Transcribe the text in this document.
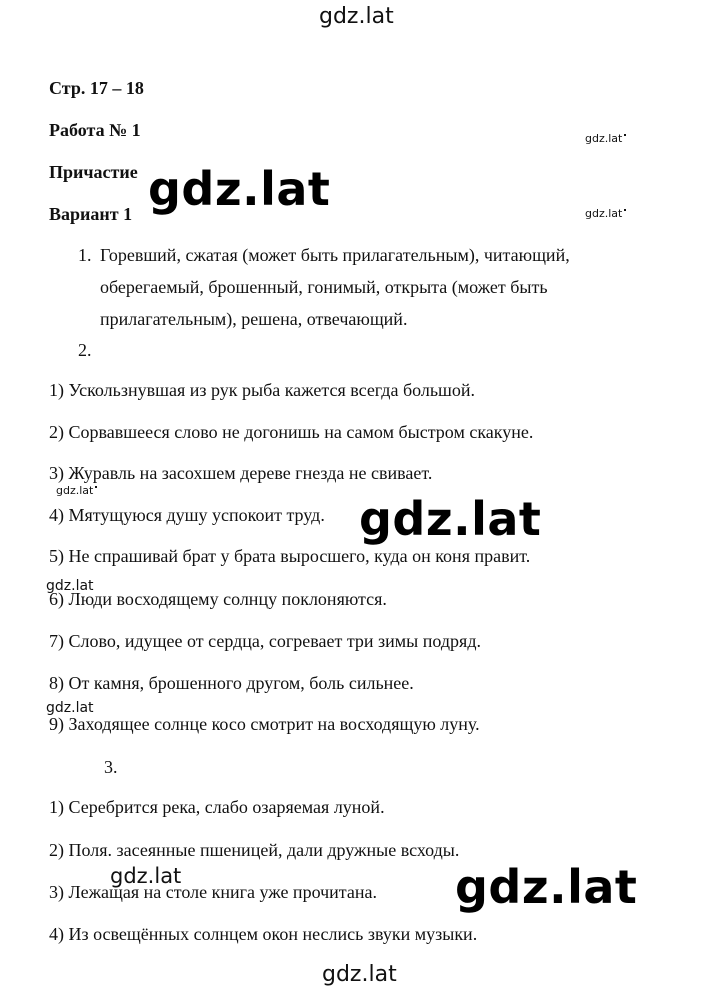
gdz.lat
Стр. 17 – 18
Работа № 1
Причастие
Вариант 1
gdz.lat
gdz.lat
gdz.lat
1. Горевший, сжатая (может быть прилагательным), читающий,
оберегаемый, брошенный, гонимый, открыта (может быть
прилагательным), решена, отвечающий.
2.
1) Ускользнувшая из рук рыба кажется всегда большой.
2) Сорвавшееся слово не догонишь на самом быстром скакуне.
3) Журавль на засохшем дереве гнезда не свивает.
4) Мятущуюся душу успокоит труд.
5) Не спрашивай брат у брата выросшего, куда он коня правит.
6) Люди восходящему солнцу поклоняются.
7) Слово, идущее от сердца, согревает три зимы подряд.
8) От камня, брошенного другом, боль сильнее.
9) Заходящее солнце косо смотрит на восходящую луну.
gdz.lat
gdz.lat
gdz.lat
gdz.lat
3.
1) Серебрится река, слабо озаряемая луной.
2) Поля. засеянные пшеницей, дали дружные всходы.
3) Лежащая на столе книга уже прочитана.
4) Из освещённых солнцем окон неслись звуки музыки.
gdz.lat	gdz.lat
gdz.lat
